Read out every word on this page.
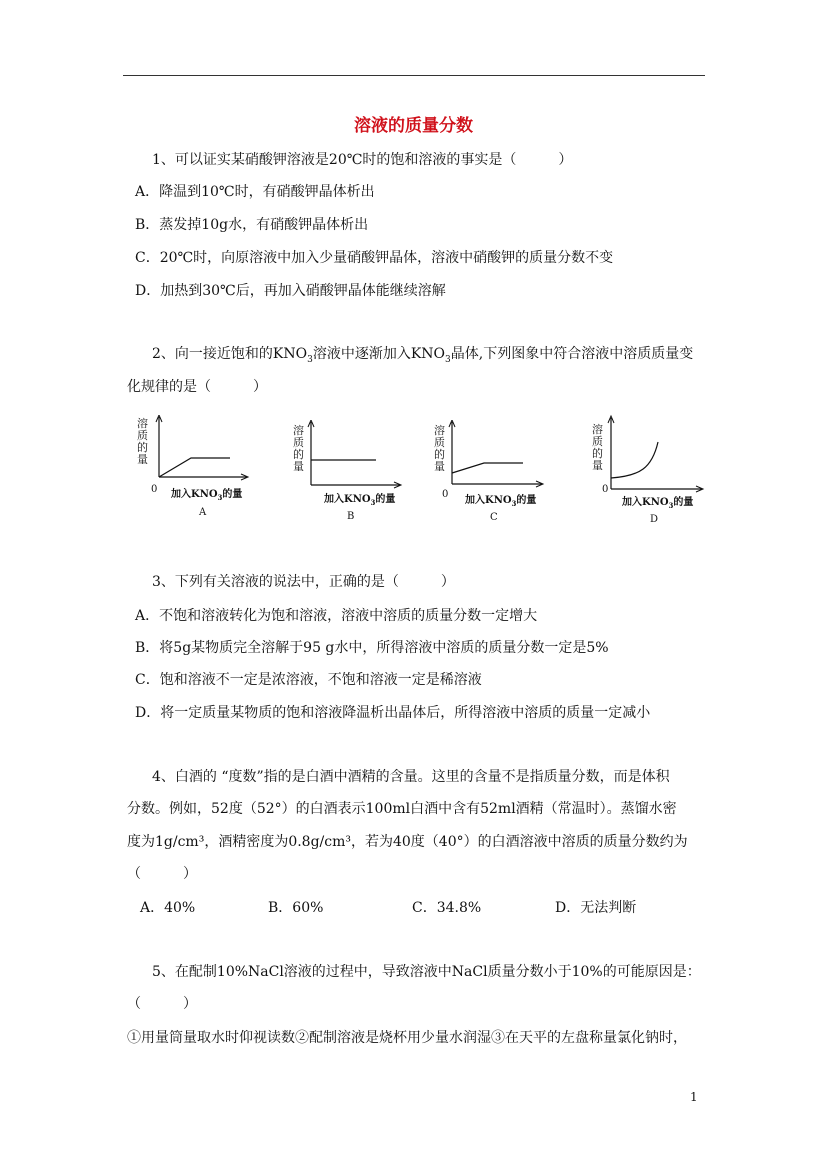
溶液的质量分数
1、可以证实某硝酸钾溶液是20℃时的饱和溶液的事实是（　　　）
A．降温到10℃时，有硝酸钾晶体析出
B．蒸发掉10g水，有硝酸钾晶体析出
C．20℃时，向原溶液中加入少量硝酸钾晶体，溶液中硝酸钾的质量分数不变
D．加热到30℃后，再加入硝酸钾晶体能继续溶解
2、向一接近饱和的$KNO_3$溶液中逐渐加入$KNO_3$晶体,下列图象中符合溶液中溶质质量变
化规律的是（　　　）
溶
质
的
量
0 加入$KNO_3$的量
A
溶
质
的
量
加入$KNO_3$的量
B
溶
质
的
量
0
加入$KNO_3$的量
C
溶
质
的
量
0
加入$KNO_3$的量
D
3、下列有关溶液的说法中，正确的是（　　　）
A．不饱和溶液转化为饱和溶液，溶液中溶质的质量分数一定增大
B．将5g某物质完全溶解于95 g水中，所得溶液中溶质的质量分数一定是5%
C．饱和溶液不一定是浓溶液，不饱和溶液一定是稀溶液
D．将一定质量某物质的饱和溶液降温析出晶体后，所得溶液中溶质的质量一定减小
4、白酒的 “度数”指的是白酒中酒精的含量。这里的含量不是指质量分数，而是体积
分数。例如，52度（52°）的白酒表示100ml白酒中含有52ml酒精（常温时）。蒸馏水密
度为1g/cm³，酒精密度为0.8g/cm³，若为40度（40°）的白酒溶液中溶质的质量分数约为
（　　　）
A．40%	B．60%	C．34.8%	D．无法判断
5、在配制10%NaCl溶液的过程中，导致溶液中NaCl质量分数小于10%的可能原因是：
（　　　）
①用量筒量取水时仰视读数②配制溶液是烧杯用少量水润湿③在天平的左盘称量氯化钠时，
1
